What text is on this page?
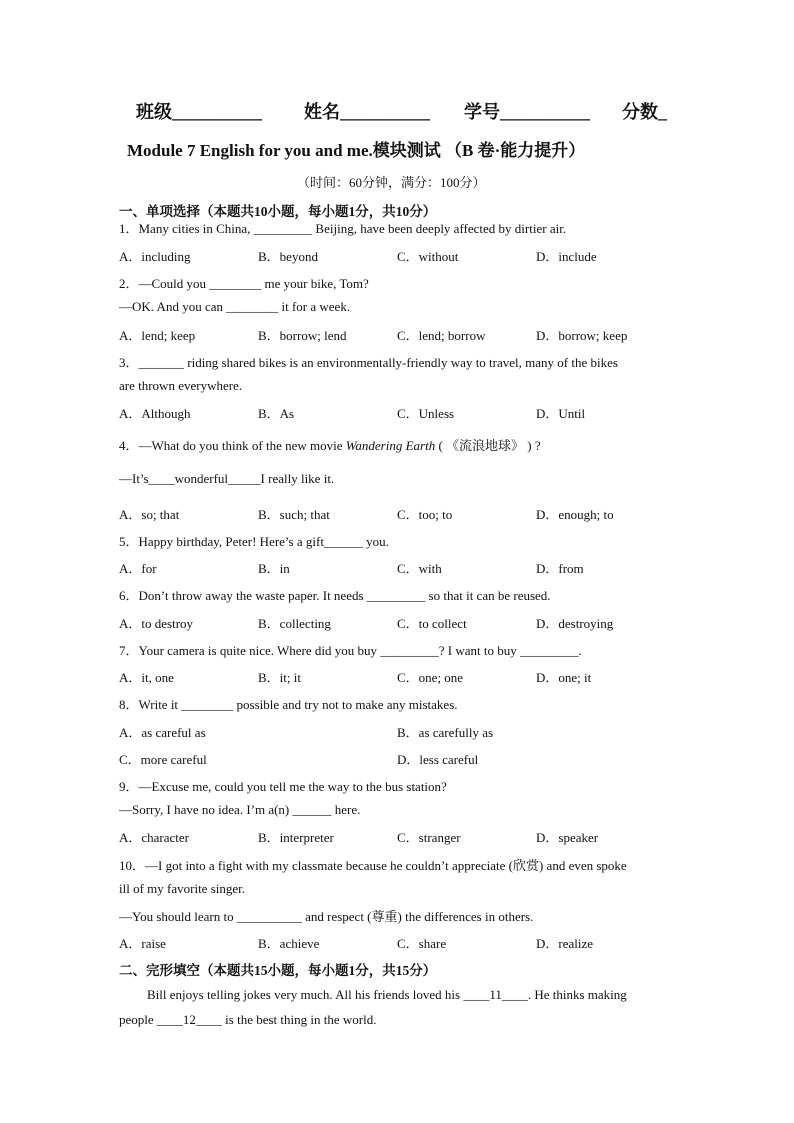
班级__________ 姓名__________ 学号__________ 分数_
Module 7 English for you and me.模块测试 （B 卷·能力提升）
（时间：60分钟，满分：100分）
一、单项选择（本题共10小题，每小题1分，共10分）
1．Many cities in China, _________ Beijing, have been deeply affected by dirtier air.
A．including	B．beyond	C．without	D．include
2．—Could you ________ me your bike, Tom?
—OK. And you can ________ it for a week.
A．lend; keep	B．borrow; lend	C．lend; borrow	D．borrow; keep
3．_______ riding shared bikes is an environmentally-friendly way to travel, many of the bikes
are thrown everywhere.
A．Although	B．As	C．Unless	D．Until
4．—What do you think of the new movie Wandering Earth ( 《流浪地球》 ) ?
—It’s____wonderful_____I really like it.
A．so; that	B．such; that	C．too; to	D．enough; to
5．Happy birthday, Peter! Here’s a gift______ you.
A．for	B．in	C．with	D．from
6．Don’t throw away the waste paper. It needs _________ so that it can be reused.
A．to destroy	B．collecting	C．to collect	D．destroying
7．Your camera is quite nice. Where did you buy _________? I want to buy _________.
A．it, one	B．it; it	C．one; one	D．one; it
8．Write it ________ possible and try not to make any mistakes.
A．as careful as	B．as carefully as
C．more careful	D．less careful
9．—Excuse me, could you tell me the way to the bus station?
—Sorry, I have no idea. I’m a(n) ______ here.
A．character	B．interpreter	C．stranger	D．speaker
10．—I got into a fight with my classmate because he couldn’t appreciate (欣赏) and even spoke
ill of my favorite singer.
—You should learn to __________ and respect (尊重) the differences in others.
A．raise	B．achieve	C．share	D．realize
二、完形填空（本题共15小题，每小题1分，共15分）
Bill enjoys telling jokes very much. All his friends loved his ____11____. He thinks making
people ____12____ is the best thing in the world.
